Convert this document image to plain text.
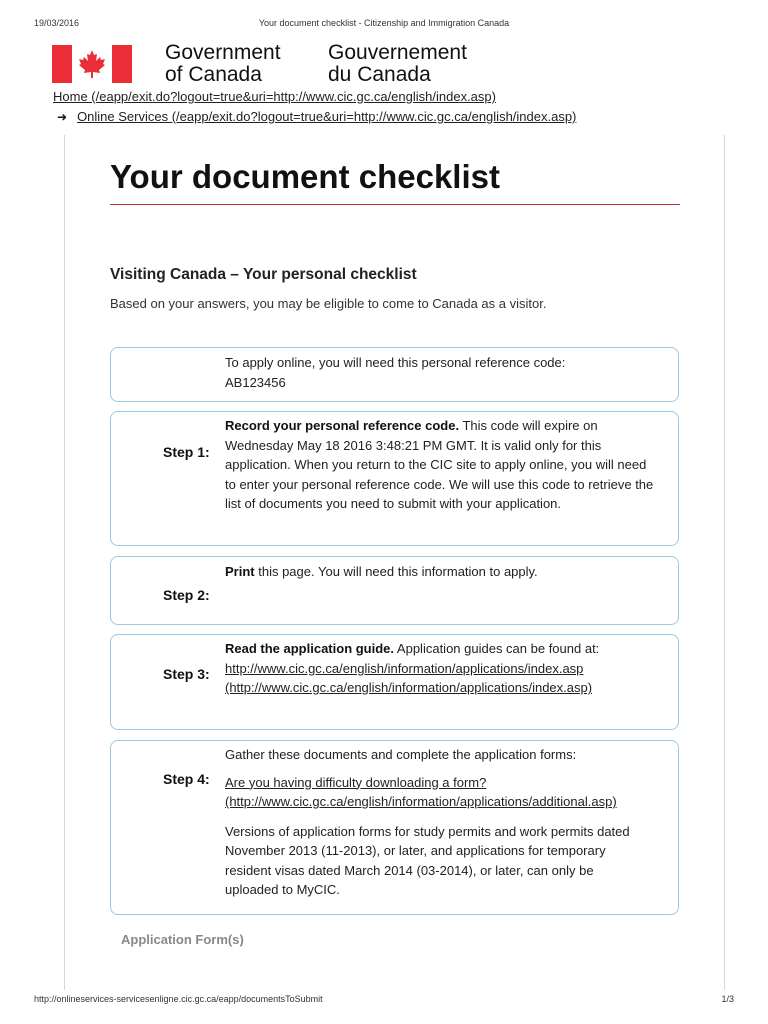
19/03/2016	Your document checklist - Citizenship and Immigration Canada
Government
of Canada
Gouvernement
du Canada
Home (/eapp/exit.do?logout=true&uri=http://www.cic.gc.ca/english/index.asp)
➜ Online Services (/eapp/exit.do?logout=true&uri=http://www.cic.gc.ca/english/index.asp)
Your document checklist
Visiting Canada – Your personal checklist

Based on your answers, you may be eligible to come to Canada as a visitor.

To apply online, you will need this personal reference code:
AB123456
Step 1:
Record your personal reference code. This code will expire on Wednesday May 18 2016 3:48:21 PM GMT. It is valid only for this application. When you return to the CIC site to apply online, you will need to enter your personal reference code. We will use this code to retrieve the list of documents you need to submit with your application.
Step 2:
Print this page. You will need this information to apply.
Step 3:
Read the application guide. Application guides can be found at:
http://www.cic.gc.ca/english/information/applications/index.asp (http://www.cic.gc.ca/english/information/applications/index.asp)
Step 4:
Gather these documents and complete the application forms:
Are you having difficulty downloading a form? (http://www.cic.gc.ca/english/information/applications/additional.asp)
Versions of application forms for study permits and work permits dated November 2013 (11-2013), or later, and applications for temporary resident visas dated March 2014 (03-2014), or later, can only be uploaded to MyCIC.
Application Form(s)
http://onlineservices-servicesenligne.cic.gc.ca/eapp/documentsToSubmit	1/3
